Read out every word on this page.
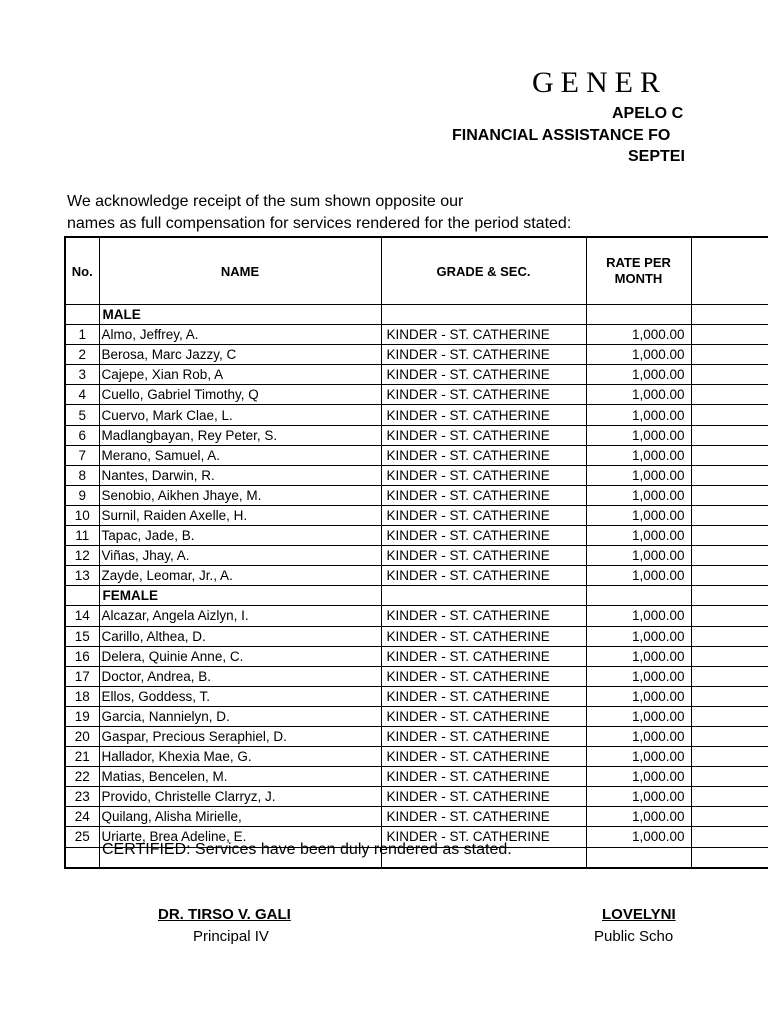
GENER
APELO C
FINANCIAL ASSISTANCE FO
SEPTEI
We acknowledge receipt of the sum shown opposite our
names as full compensation for services rendered for the period stated:
No.	NAME	GRADE & SEC.	RATE PER
MONTH	

	MALE			
1	Almo, Jeffrey, A.	KINDER - ST. CATHERINE	1,000.00	
2	Berosa, Marc Jazzy, C	KINDER - ST. CATHERINE	1,000.00	
3	Cajepe, Xian Rob, A	KINDER - ST. CATHERINE	1,000.00	
4	Cuello, Gabriel Timothy, Q	KINDER - ST. CATHERINE	1,000.00	
5	Cuervo, Mark Clae, L.	KINDER - ST. CATHERINE	1,000.00	
6	Madlangbayan, Rey Peter, S.	KINDER - ST. CATHERINE	1,000.00	
7	Merano, Samuel, A.	KINDER - ST. CATHERINE	1,000.00	
8	Nantes, Darwin, R.	KINDER - ST. CATHERINE	1,000.00	
9	Senobio, Aikhen Jhaye, M.	KINDER - ST. CATHERINE	1,000.00	
10	Surnil, Raiden Axelle, H.	KINDER - ST. CATHERINE	1,000.00	
11	Tapac, Jade, B.	KINDER - ST. CATHERINE	1,000.00	
12	Viñas, Jhay, A.	KINDER - ST. CATHERINE	1,000.00	
13	Zayde, Leomar, Jr., A.	KINDER - ST. CATHERINE	1,000.00	
	FEMALE			
14	Alcazar, Angela Aizlyn, I.	KINDER - ST. CATHERINE	1,000.00	
15	Carillo, Althea, D.	KINDER - ST. CATHERINE	1,000.00	
16	Delera, Quinie Anne, C.	KINDER - ST. CATHERINE	1,000.00	
17	Doctor, Andrea, B.	KINDER - ST. CATHERINE	1,000.00	
18	Ellos, Goddess, T.	KINDER - ST. CATHERINE	1,000.00	
19	Garcia, Nannielyn, D.	KINDER - ST. CATHERINE	1,000.00	
20	Gaspar, Precious Seraphiel, D.	KINDER - ST. CATHERINE	1,000.00	
21	Hallador, Khexia Mae, G.	KINDER - ST. CATHERINE	1,000.00	
22	Matias, Bencelen, M.	KINDER - ST. CATHERINE	1,000.00	
23	Provido, Christelle Clarryz, J.	KINDER - ST. CATHERINE	1,000.00	
24	Quilang, Alisha Mirielle,	KINDER - ST. CATHERINE	1,000.00	
25	Uriarte, Brea Adeline, E.	KINDER - ST. CATHERINE	1,000.00	

CERTIFIED: Services have been duly rendered as stated.
DR. TIRSO V. GALI
Principal IV
LOVELYNI
Public Scho
